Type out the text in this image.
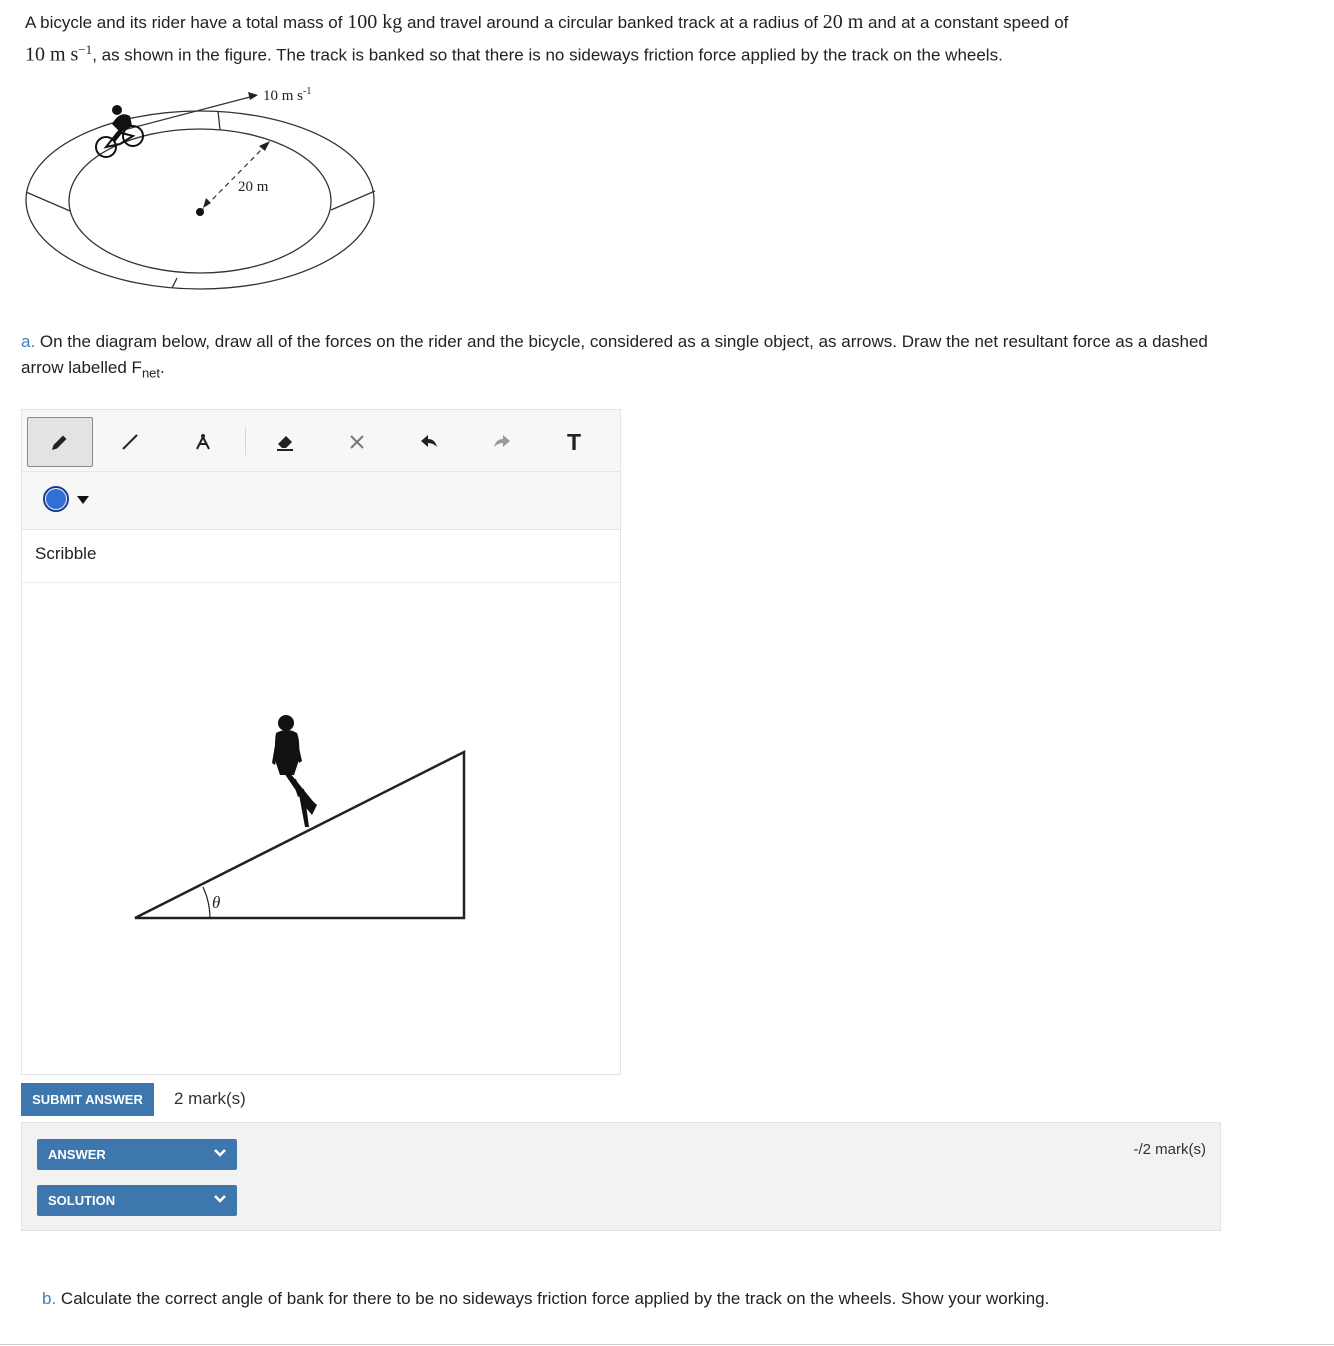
A bicycle and its rider have a total mass of 100 kg and travel around a circular banked track at a radius of 20 m and at a constant speed of
10 m $s^{-1}$, as shown in the figure. The track is banked so that there is no sideways friction force applied by the track on the wheels.
10 m $s^{-1}$
20 m
a. On the diagram below, draw all of the forces on the rider and the bicycle, considered as a single object, as arrows. Draw the net resultant force as a dashed arrow labelled $F_{net}$.
T
Scribble
θ
SUBMIT ANSWER	2 mark(s)
ANSWER
SOLUTION
-/2 mark(s)
b. Calculate the correct angle of bank for there to be no sideways friction force applied by the track on the wheels. Show your working.
